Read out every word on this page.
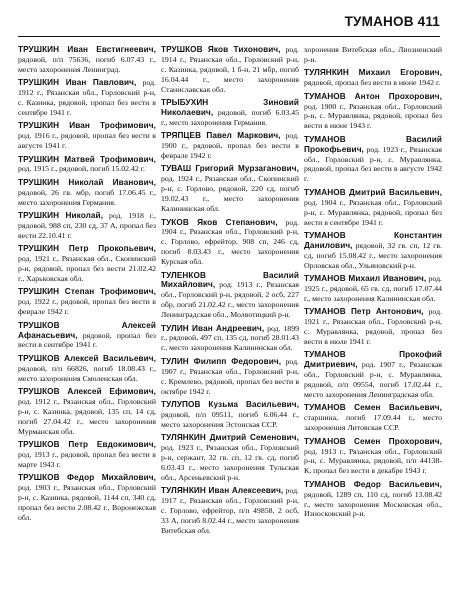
ТУМАНОВ 411

ТРУШКИН Иван Евстигнеевич, рядовой, п/п 75636, погиб 6.07.43 г., место захоронения Ленинград.

ТРУШКИН Иван Павлович, род. 1912 г., Рязанская обл., Горловский р-н, с. Казинка, рядовой, пропал без вести в сентябре 1941 г.

ТРУШКИН Иван Трофимович, род. 1916 г., рядовой, пропал без вести в августе 1941 г.

ТРУШКИН Матвей Трофимович, род. 1915 г., рядовой, погиб 15.02.42 г.

ТРУШКИН Николай Иванович, рядовой, 26 гв. мбр, погиб 17.06.45 г., место захоронения Германия.

ТРУШКИН Николай, род. 1918 г., рядовой, 988 сп, 230 сд, 37 А, пропал без вести 22.10.41 г.

ТРУШКИН Петр Прокопьевич, род. 1921 г., Рязанская обл., Скопинский р-н, рядовой, пропал без вести 21.02.42 г., Харьковская обл.

ТРУШКИН Степан Трофимович, род. 1922 г., рядовой, пропал без вести в феврале 1942 г.

ТРУШКОВ Алексей Афанасьевич, рядовой, пропал без вести в сентябре 1941 г.

ТРУШКОВ Алексей Васильевич, рядовой, п/п 66826, погиб 18.08.43 г., место захоронения Смоленская обл.

ТРУШКОВ Алексей Ефимович, род. 1912 г., Рязанская обл., Горловский р-н, с. Казинка, рядовой, 135 сп, 14 сд, погиб 27.04.42 г., место захоронения Мурманская обл.

ТРУШКОВ Петр Евдокимович, род. 1913 г., рядовой, пропал без вести в марте 1943 г.

ТРУШКОВ Федор Михайлович, род. 1903 г., Рязанская обл., Горловский р-н, с. Казинка, рядовой, 1144 сп, 340 сд, пропал без вести 2.08.42 г., Воронежская обл.

ТРУШКОВ Яков Тихонович, род. 1914 г., Рязанская обл., Горловский р-н, с. Казинка, рядовой, 1 б-н, 21 мбр, погиб 16.04.44 г., место захоронения Станиславская обл.

ТРЫБУХИН Зиновий Николаевич, рядовой, погиб 6.03.45 г., место захоронения Германия.

ТРЯПЦЕВ Павел Маркович, род. 1900 г., рядовой, пропал без вести в феврале 1942 г.

ТУВАШ Григорий Мурзаганович, род. 1924 г., Рязанская обл., Скопинский р-н, с. Горлово, рядовой, 220 сд, погиб 19.02.43 г., место захоронения Калининская обл.

ТУКОВ Яков Степанович, род. 1904 г., Рязанская обл., Горловский р-н, с. Горлово, ефрейтор, 908 сп, 246 сд, погиб 8.03.43 г., место захоронения Курская обл.

ТУЛЕНКОВ Василий Михайлович, род. 1913 г., Рязанская обл., Горловский р-н, рядовой, 2 осб, 227 обр, погиб 21.02.42 г., место захоронения Ленинградская обл., Молвотицкий р-н.

ТУЛИН Иван Андреевич, род. 1899 г., рядовой, 497 сп, 135 сд, погиб 28.01.43 г., место захоронения Калининская обл.

ТУЛИН Филипп Федорович, род. 1907 г., Рязанская обл., Горловский р-н, с. Кремлево, рядовой, пропал без вести в октябре 1942 г.

ТУЛУПОВ Кузьма Васильевич, рядовой, п/п 09511, погиб 6.06.44 г., место захоронения Эстонская ССР.

ТУЛЯНКИН Дмитрий Семенович, род. 1923 г., Рязанская обл., Горловский р-н, сержант, 32 гв. сп, 12 гв. сд, погиб 6.03.43 г., место захоронения Тульская обл., Арсеньевский р-н.

ТУЛЯНКИН Иван Алексеевич, род. 1917 г., Рязанская обл., Горловский р-н, с. Горлово, ефрейтор, п/п 49858, 2 осб, 33 А, погиб 8.02.44 г., место захоронения Витебская обл.

хоронения Витебская обл., Лиозненский р-н.

ТУЛЯНКИН Михаил Егорович, рядовой, пропал без вести в июне 1942 г.

ТУМАНОВ Антон Прохорович, род. 1900 г., Рязанская обл., Горловский р-н, с. Муравлянка, рядовой, пропал без вести в июне 1943 г.

ТУМАНОВ Василий Прокофьевич, род. 1923 г., Рязанская обл., Горловский р-н, с. Муравлянка, рядовой, пропал без вести в августе 1942 г.

ТУМАНОВ Дмитрий Васильевич, род. 1904 г., Рязанская обл., Горловский р-н, с. Муравлянка, рядовой, пропал без вести в сентябре 1941 г.

ТУМАНОВ Константин Данилович, рядовой, 32 гв. сп, 12 гв. сд, погиб 15.08.42 г., место захоронения Орловская обл., Ульяновский р-н.

ТУМАНОВ Михаил Иванович, род. 1925 г., рядовой, 65 гв. сд, погиб 17.07.44 г., место захоронения Калининская обл.

ТУМАНОВ Петр Антонович, род. 1921 г., Рязанская обл., Горловский р-н, с. Муравлянка, рядовой, пропал без вести в июле 1941 г.

ТУМАНОВ Прокофий Дмитриевич, род. 1907 г., Рязанская обл., Горловский р-н, с. Муравлянка, рядовой, п/п 09554, погиб 17.02.44 г., место захоронения Ленинградская обл.

ТУМАНОВ Семен Васильевич, старшина, погиб 17.09.44 г., место захоронения Литовская ССР.

ТУМАНОВ Семен Прохорович, род. 1913 г., Рязанская обл., Горловский р-н, с. Муравлянка, рядовой, п/п 44138-К, пропал без вести в декабре 1943 г.

ТУМАНОВ Федор Васильевич, рядовой, 1289 сп, 110 сд, погиб 13.08.42 г., место захоронения Московская обл., Износковский р-н.
